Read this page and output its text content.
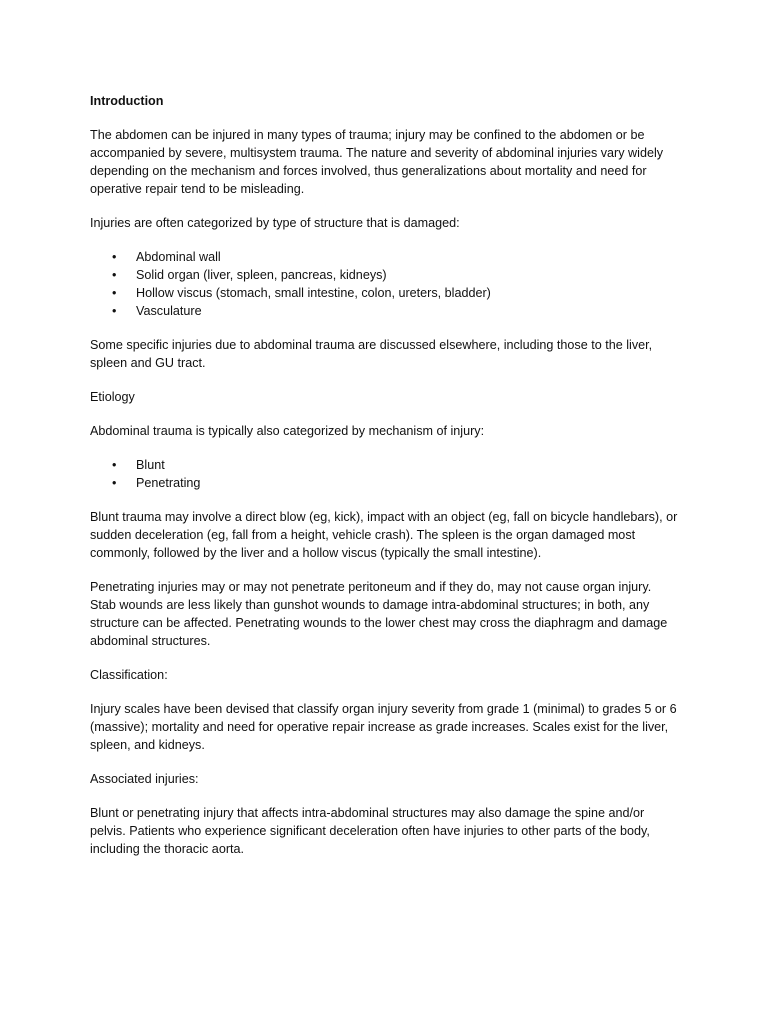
Introduction

The abdomen can be injured in many types of trauma; injury may be confined to the abdomen or be accompanied by severe, multisystem trauma. The nature and severity of abdominal injuries vary widely depending on the mechanism and forces involved, thus generalizations about mortality and need for operative repair tend to be misleading.

Injuries are often categorized by type of structure that is damaged:

• Abdominal wall
• Solid organ (liver, spleen, pancreas, kidneys)
• Hollow viscus (stomach, small intestine, colon, ureters, bladder)
• Vasculature

Some specific injuries due to abdominal trauma are discussed elsewhere, including those to the liver, spleen and GU tract.

Etiology

Abdominal trauma is typically also categorized by mechanism of injury:

• Blunt
• Penetrating

Blunt trauma may involve a direct blow (eg, kick), impact with an object (eg, fall on bicycle handlebars), or sudden deceleration (eg, fall from a height, vehicle crash). The spleen is the organ damaged most commonly, followed by the liver and a hollow viscus (typically the small intestine).

Penetrating injuries may or may not penetrate peritoneum and if they do, may not cause organ injury. Stab wounds are less likely than gunshot wounds to damage intra-abdominal structures; in both, any structure can be affected. Penetrating wounds to the lower chest may cross the diaphragm and damage abdominal structures.

Classification:

Injury scales have been devised that classify organ injury severity from grade 1 (minimal) to grades 5 or 6 (massive); mortality and need for operative repair increase as grade increases. Scales exist for the liver, spleen, and kidneys.

Associated injuries:

Blunt or penetrating injury that affects intra-abdominal structures may also damage the spine and/or pelvis. Patients who experience significant deceleration often have injuries to other parts of the body, including the thoracic aorta.
